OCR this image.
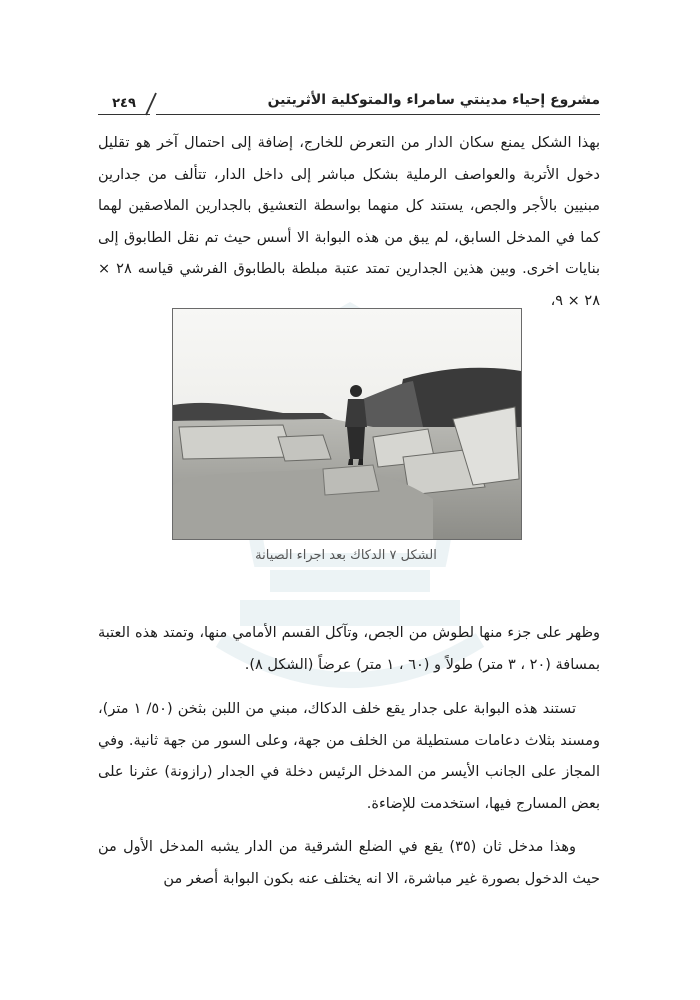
مشروع إحياء مدينتي سامراء والمتوكلية الأثريتين
٢٤٩

بهذا الشكل يمنع سكان الدار من التعرض للخارج، إضافة إلى احتمال آخر هو تقليل دخول الأتربة والعواصف الرملية بشكل مباشر إلى داخل الدار، تتألف من جدارين مبنيين بالأجر والجص، يستند كل منهما بواسطة التعشيق بالجدارين الملاصقين لهما كما في المدخل السابق، لم يبق من هذه البوابة الا أسس حيث تم نقل الطابوق إلى بنايات اخرى. وبين هذين الجدارين تمتد عتبة مبلطة بالطابوق الفرشي قياسه ٢٨ × ٢٨ × ٩،

الشكل ٧ الدكاك بعد اجراء الصيانة

وظهر على جزء منها لطوش من الجص، وتآكل القسم الأمامي منها، وتمتد هذه العتبة بمسافة (٢٠ ، ٣ متر) طولاً و (٦٠ ، ١ متر) عرضاً (الشكل ٨).

تستند هذه البوابة على جدار يقع خلف الدكاك، مبني من اللبن بثخن (٥٠/ ١ متر)، ومسند بثلاث دعامات مستطيلة من الخلف من جهة، وعلى السور من جهة ثانية. وفي المجاز على الجانب الأيسر من المدخل الرئيس دخلة في الجدار (رازونة) عثرنا على بعض المسارج فيها، استخدمت للإضاءة.

وهذا مدخل ثان (٣٥) يقع في الضلع الشرقية من الدار يشبه المدخل الأول من حيث الدخول بصورة غير مباشرة، الا انه يختلف عنه بكون البوابة أصغر من
